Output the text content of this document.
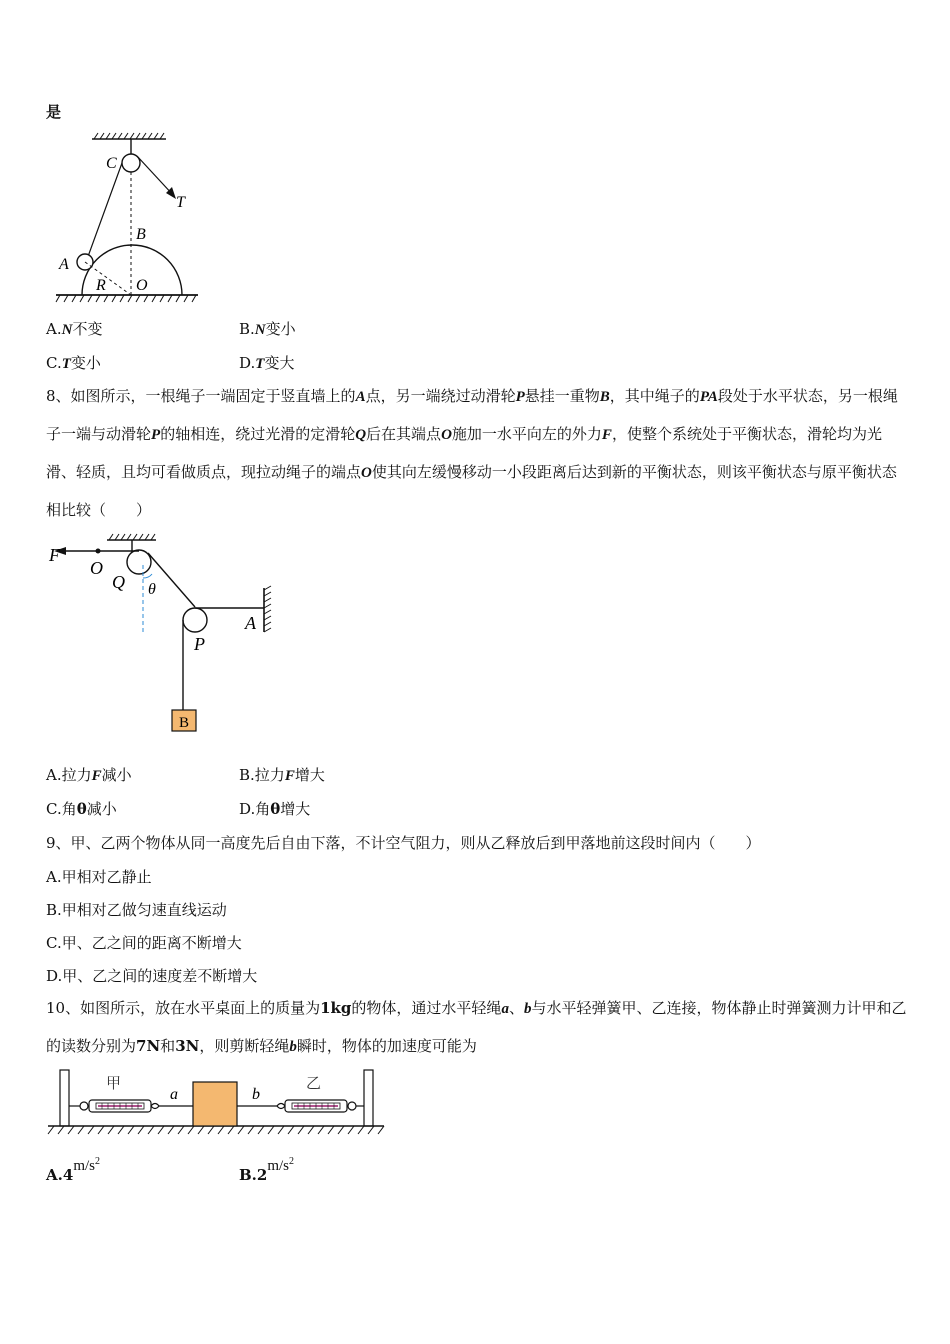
是
C
T
B
A
R O
A.N不变	B.N变小
C.T变小	D.T变大
8、如图所示，一根绳子一端固定于竖直墙上的A点，另一端绕过动滑轮P悬挂一重物B，其中绳子的PA段处于水平状态，另一根绳子一端与动滑轮P的轴相连，绕过光滑的定滑轮Q后在其端点O施加一水平向左的外力F，使整个系统处于平衡状态，滑轮均为光滑、轻质，且均可看做质点，现拉动绳子的端点O使其向左缓慢移动一小段距离后达到新的平衡状态，则该平衡状态与原平衡状态相比较（　　）
B
F
O
Q θ
P
A
A.拉力F减小	B.拉力F增大
C.角θ减小	D.角θ增大
9、甲、乙两个物体从同一高度先后自由下落，不计空气阻力，则从乙释放后到甲落地前这段时间内（　　）
A.甲相对乙静止
B.甲相对乙做匀速直线运动
C.甲、乙之间的距离不断增大
D.甲、乙之间的速度差不断增大
10、如图所示，放在水平桌面上的质量为1kg的物体，通过水平轻绳a、b与水平轻弹簧甲、乙连接，物体静止时弹簧测力计甲和乙的读数分别为7N和3N，则剪断轻绳b瞬时，物体的加速度可能为
甲	乙
a	b
$A.4m/s^2$
$B.2m/s^2$
